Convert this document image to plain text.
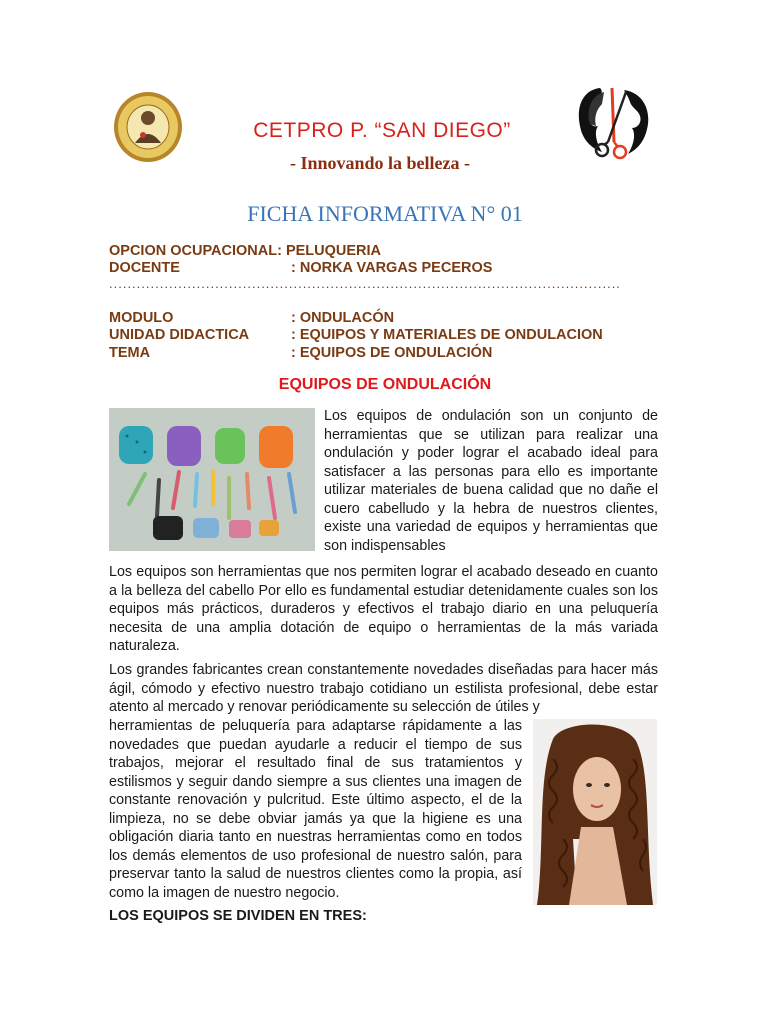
CETPRO P. “SAN DIEGO”
- Innovando la belleza -
FICHA INFORMATIVA N° 01
OPCION OCUPACIONAL: PELUQUERIA
DOCENTE	: NORKA VARGAS PECEROS
...............................................................................................................
MODULO	: ONDULACÓN
UNIDAD DIDACTICA	: EQUIPOS Y MATERIALES DE ONDULACION
TEMA	: EQUIPOS DE ONDULACIÓN
EQUIPOS DE ONDULACIÓN
Los equipos de ondulación son un conjunto de herramientas que se utilizan para realizar una ondulación y poder lograr el acabado ideal para satisfacer a las personas para ello es importante utilizar materiales de buena calidad que no dañe el cuero cabelludo y la hebra de nuestros clientes, existe una variedad de equipos y herramientas que son indispensables
Los equipos son herramientas que nos permiten lograr el acabado deseado en cuanto a la belleza del cabello Por ello es fundamental estudiar detenidamente cuales son los equipos más prácticos, duraderos y efectivos el trabajo diario en una peluquería necesita de una amplia dotación de equipo o herramientas de la más variada naturaleza.
Los grandes fabricantes crean constantemente novedades diseñadas para hacer más ágil, cómodo y efectivo nuestro trabajo cotidiano un estilista profesional, debe estar atento al mercado y renovar periódicamente su selección de útiles y
herramientas de peluquería para adaptarse rápidamente a las novedades que puedan ayudarle a reducir el tiempo de sus trabajos, mejorar el resultado final de sus tratamientos y estilismos y seguir dando siempre a sus clientes una imagen de constante renovación y pulcritud. Este último aspecto, el de la limpieza, no se debe obviar jamás ya que la higiene es una obligación diaria tanto en nuestras herramientas como en todos los demás elementos de uso profesional de nuestro salón, para preservar tanto la salud de nuestros clientes como la propia, así como la imagen de nuestro negocio.
LOS EQUIPOS SE DIVIDEN EN TRES:
